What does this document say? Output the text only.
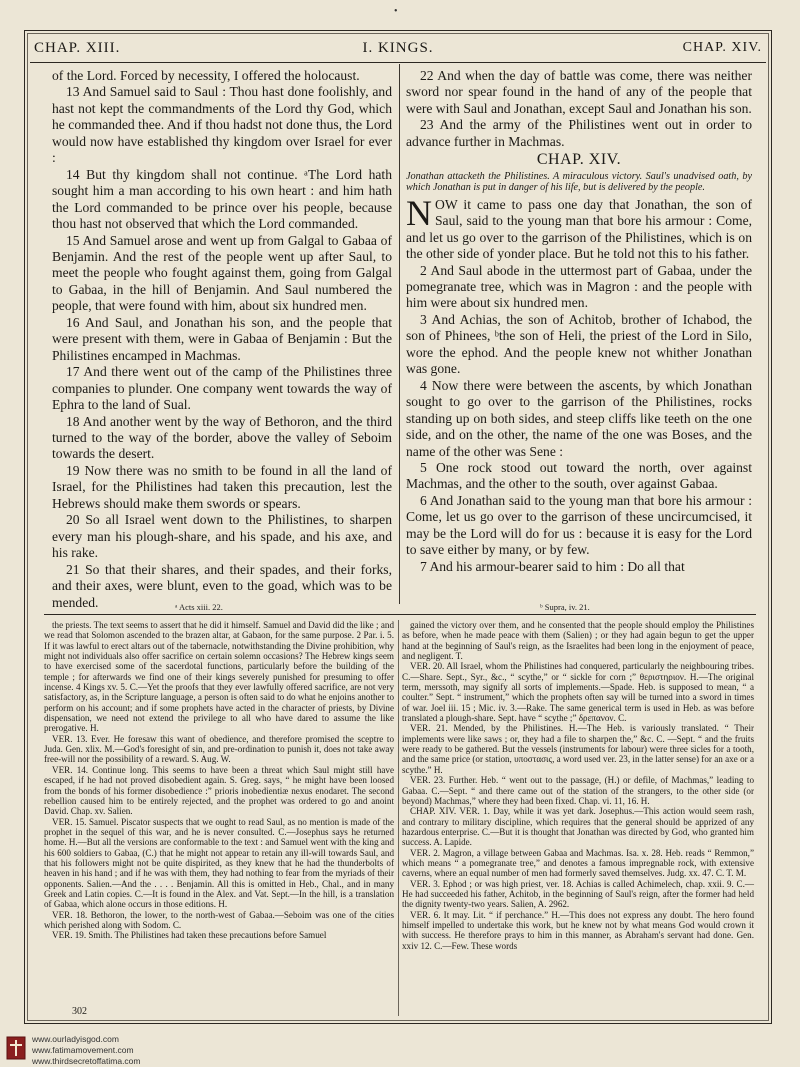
•
CHAP. XIII.	I. KINGS.	CHAP. XIV.

of the Lord. Forced by necessity, I offered the holocaust.

13 And Samuel said to Saul : Thou hast done foolishly, and hast not kept the commandments of the Lord thy God, which he commanded thee. And if thou hadst not done thus, the Lord would now have established thy kingdom over Israel for ever :

14 But thy kingdom shall not continue. ᵃThe Lord hath sought him a man according to his own heart : and him hath the Lord commanded to be prince over his people, because thou hast not observed that which the Lord commanded.

15 And Samuel arose and went up from Galgal to Gabaa of Benjamin. And the rest of the people went up after Saul, to meet the people who fought against them, going from Galgal to Gabaa, in the hill of Benjamin. And Saul numbered the people, that were found with him, about six hundred men.

16 And Saul, and Jonathan his son, and the people that were present with them, were in Gabaa of Benjamin : But the Philistines encamped in Machmas.

17 And there went out of the camp of the Philistines three companies to plunder. One company went towards the way of Ephra to the land of Sual.

18 And another went by the way of Bethoron, and the third turned to the way of the border, above the valley of Seboim towards the desert.

19 Now there was no smith to be found in all the land of Israel, for the Philistines had taken this precaution, lest the Hebrews should make them swords or spears.

20 So all Israel went down to the Philistines, to sharpen every man his plough-share, and his spade, and his axe, and his rake.

21 So that their shares, and their spades, and their forks, and their axes, were blunt, even to the goad, which was to be mended.

22 And when the day of battle was come, there was neither sword nor spear found in the hand of any of the people that were with Saul and Jonathan, except Saul and Jonathan his son.

23 And the army of the Philistines went out in order to advance further in Machmas.

CHAP. XIV.

Jonathan attacketh the Philistines. A miraculous victory. Saul's unadvised oath, by which Jonathan is put in danger of his life, but is delivered by the people.

NOW it came to pass one day that Jonathan, the son of Saul, said to the young man that bore his armour : Come, and let us go over to the garrison of the Philistines, which is on the other side of yonder place. But he told not this to his father.

2 And Saul abode in the uttermost part of Gabaa, under the pomegranate tree, which was in Magron : and the people with him were about six hundred men.

3 And Achias, the son of Achitob, brother of Ichabod, the son of Phinees, ᵇthe son of Heli, the priest of the Lord in Silo, wore the ephod. And the people knew not whither Jonathan was gone.

4 Now there were between the ascents, by which Jonathan sought to go over to the garrison of the Philistines, rocks standing up on both sides, and steep cliffs like teeth on the one side, and on the other, the name of the one was Boses, and the name of the other was Sene :

5 One rock stood out toward the north, over against Machmas, and the other to the south, over against Gabaa.

6 And Jonathan said to the young man that bore his armour : Come, let us go over to the garrison of these uncircumcised, it may be the Lord will do for us : because it is easy for the Lord to save either by many, or by few.

7 And his armour-bearer said to him : Do all that

ᵃ Acts xiii. 22.	ᵇ Supra, iv. 21.

the priests. The text seems to assert that he did it himself. Samuel and David did the like ; and we read that Solomon ascended to the brazen altar, at Gabaon, for the same purpose. 2 Par. i. 5. If it was lawful to erect altars out of the tabernacle, notwithstanding the Divine prohibition, why might not individuals also offer sacrifice on certain solemn occasions? The Hebrew kings seem to have exercised some of the sacerdotal functions, particularly before the building of the temple ; for afterwards we find one of their kings severely punished for presuming to offer incense. 4 Kings xv. 5. C.—Yet the proofs that they ever lawfully offered sacrifice, are not very satisfactory, as, in the Scripture language, a person is often said to do what he enjoins another to perform on his account; and if some prophets have acted in the character of priests, by Divine dispensation, we need not extend the privilege to all who have dared to assume the like prerogative. H.

VER. 13. Ever. He foresaw this want of obedience, and therefore promised the sceptre to Juda. Gen. xlix. M.—God's foresight of sin, and pre-ordination to punish it, does not take away free-will nor the possibility of a reward. S. Aug. W.

VER. 14. Continue long. This seems to have been a threat which Saul might still have escaped, if he had not proved disobedient again. S. Greg. says, “ he might have been loosed from the bonds of his former disobedience :” prioris inobedientiæ nexus enodaret. The second rebellion caused him to be entirely rejected, and the prophet was ordered to go and anoint David. Chap. xv. Salien.

VER. 15. Samuel. Piscator suspects that we ought to read Saul, as no mention is made of the prophet in the sequel of this war, and he is never consulted. C.—Josephus says he returned home. H.—But all the versions are conformable to the text : and Samuel went with the king and his 600 soldiers to Gabaa, (C.) that he might not appear to retain any ill-will towards Saul, and that his followers might not be quite dispirited, as they knew that he had the thunderbolts of heaven in his hand ; and if he was with them, they had nothing to fear from the myriads of their opponents. Salien.—And the . . . . Benjamin. All this is omitted in Heb., Chal., and in many Greek and Latin copies. C.—It is found in the Alex. and Vat. Sept.—In the hill, is a translation of Gabaa, which alone occurs in those editions. H.

VER. 18. Bethoron, the lower, to the north-west of Gabaa.—Seboim was one of the cities which perished along with Sodom. C.

VER. 19. Smith. The Philistines had taken these precautions before Samuel

gained the victory over them, and he consented that the people should employ the Philistines as before, when he made peace with them (Salien) ; or they had again begun to get the upper hand at the beginning of Saul's reign, as the Israelites had been long in the enjoyment of peace, and negligent. T.

VER. 20. All Israel, whom the Philistines had conquered, particularly the neighbouring tribes. C.—Share. Sept., Syr., &c., “ scythe,” or “ sickle for corn ;” θεριστηριον. H.—The original term, merssoth, may signify all sorts of implements.—Spade. Heb. is supposed to mean, “ a coulter.” Sept. “ instrument,” which the prophets often say will be turned into a sword in times of war. Joel iii. 15 ; Mic. iv. 3.—Rake. The same generical term is used in Heb. as was before translated a plough-share. Sept. have “ scythe ;” δρεπανον. C.

VER. 21. Mended, by the Philistines. H.—The Heb. is variously translated. “ Their implements were like saws ; or, they had a file to sharpen the,” &c. C. —Sept. “ and the fruits were ready to be gathered. But the vessels (instruments for labour) were three sicles for a tooth, and the same price (or station, υποστασις, a word used ver. 23, in the latter sense) for an axe or a scythe.” H.

VER. 23. Further. Heb. “ went out to the passage, (H.) or defile, of Machmas,” leading to Gabaa. C.—Sept. “ and there came out of the station of the strangers, to the other side (or beyond) Machmas,” where they had been fixed. Chap. vi. 11, 16. H.

CHAP. XIV. VER. 1. Day, while it was yet dark. Josephus.—This action would seem rash, and contrary to military discipline, which requires that the general should be apprized of any hazardous enterprise. C.—But it is thought that Jonathan was directed by God, who granted him success. A. Lapide.

VER. 2. Magron, a village between Gabaa and Machmas. Isa. x. 28. Heb. reads “ Remmon,” which means “ a pomegranate tree,” and denotes a famous impregnable rock, with extensive caverns, where an equal number of men had formerly saved themselves. Judg. xx. 47. C. T. M.

VER. 3. Ephod ; or was high priest, ver. 18. Achias is called Achimelech, chap. xxii. 9. C.—He had succeeded his father, Achitob, in the beginning of Saul's reign, after the former had held the dignity twenty-two years. Salien, A. 2962.

VER. 6. It may. Lit. “ if perchance.” H.—This does not express any doubt. The hero found himself impelled to undertake this work, but he knew not by what means God would crown it with success. He therefore prays to him in this manner, as Abraham's servant had done. Gen. xxiv 12. C.—Few. These words

302
www.ourladyisgod.com
www.fatimamovement.com
www.thirdsecretoffatima.com
